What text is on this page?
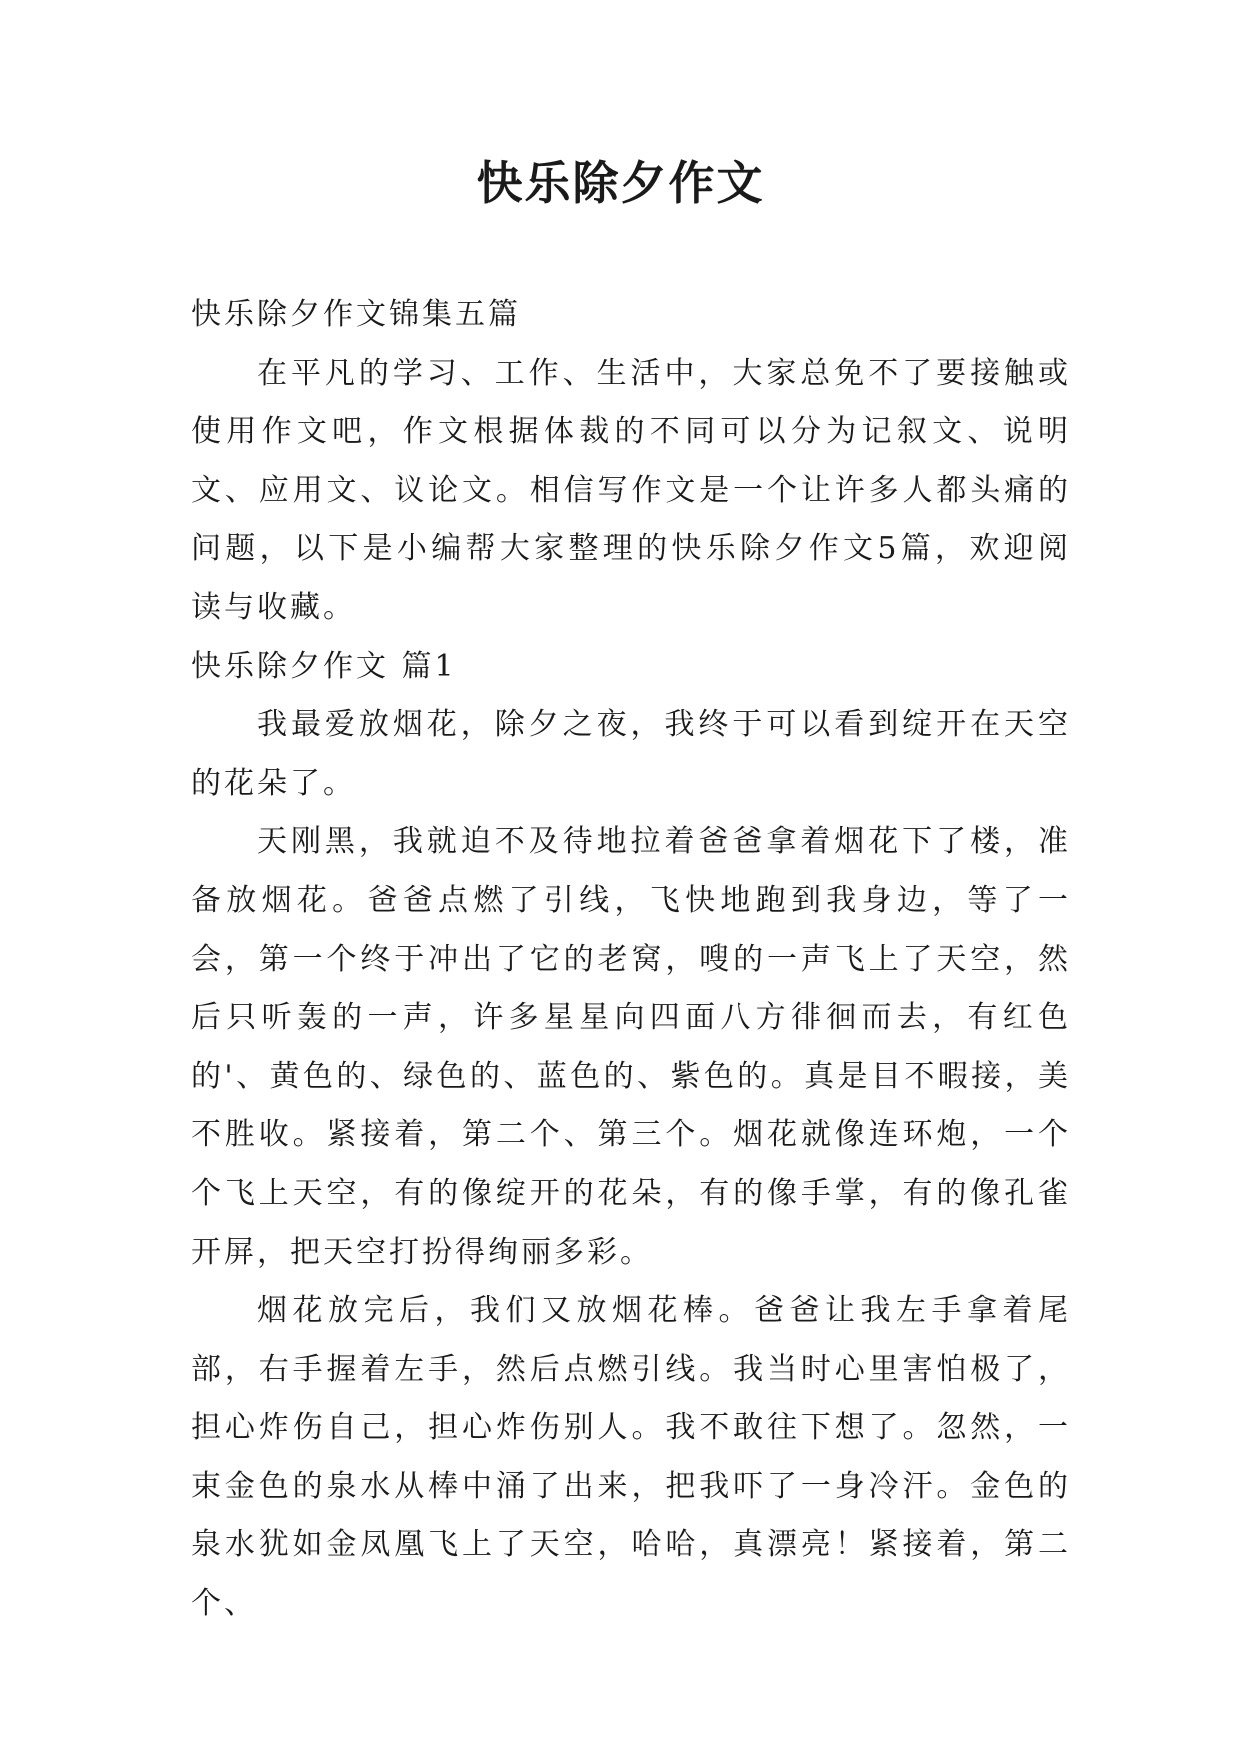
快乐除夕作文

快乐除夕作文锦集五篇

在平凡的学习、工作、生活中，大家总免不了要接触或使用作文吧，作文根据体裁的不同可以分为记叙文、说明文、应用文、议论文。相信写作文是一个让许多人都头痛的问题，以下是小编帮大家整理的快乐除夕作文5篇，欢迎阅读与收藏。

快乐除夕作文 篇1

我最爱放烟花，除夕之夜，我终于可以看到绽开在天空的花朵了。

天刚黑，我就迫不及待地拉着爸爸拿着烟花下了楼，准备放烟花。爸爸点燃了引线，飞快地跑到我身边，等了一会，第一个终于冲出了它的老窝，嗖的一声飞上了天空，然后只听轰的一声，许多星星向四面八方徘徊而去，有红色的'、黄色的、绿色的、蓝色的、紫色的。真是目不暇接，美不胜收。紧接着，第二个、第三个。烟花就像连环炮，一个个飞上天空，有的像绽开的花朵，有的像手掌，有的像孔雀开屏，把天空打扮得绚丽多彩。

烟花放完后，我们又放烟花棒。爸爸让我左手拿着尾部，右手握着左手，然后点燃引线。我当时心里害怕极了，担心炸伤自己，担心炸伤别人。我不敢往下想了。忽然，一束金色的泉水从棒中涌了出来，把我吓了一身冷汗。金色的泉水犹如金凤凰飞上了天空，哈哈，真漂亮！紧接着，第二个、
